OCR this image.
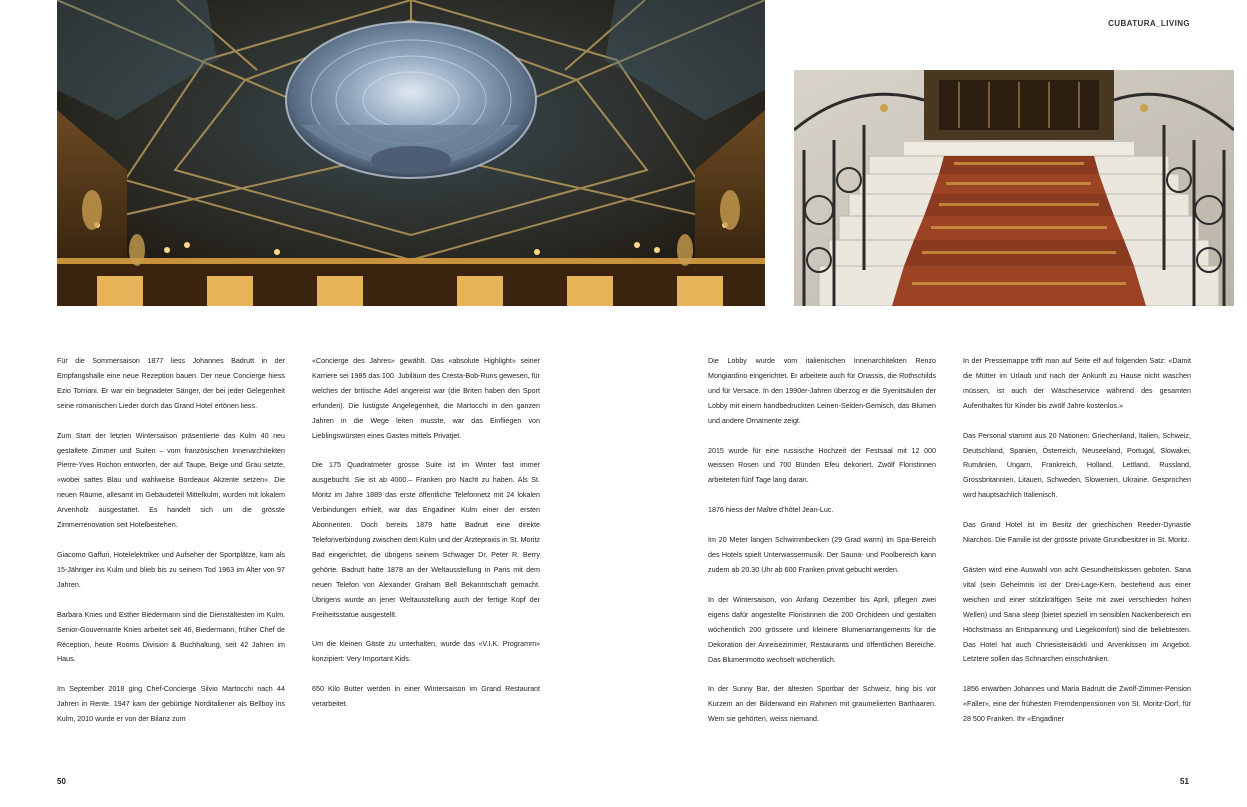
CUBATURA_LIVING

Für die Sommersaison 1877 liess Johannes Badrutt in der Empfangshalle eine neue Rezeption bauen. Der neue Concierge hiess Ezio Torriani. Er war ein begnadeter Sänger, der bei jeder Gelegenheit seine romanischen Lieder durch das Grand Hotel ertönen liess.

Zum Start der letzten Wintersaison präsentierte das Kulm 40 neu gestaltete Zimmer und Suiten – vom französischen Innenarchitekten Pierre-Yves Rochon entworfen, der auf Taupe, Beige und Grau setzte, «wobei sattes Blau und wahlweise Bordeaux Akzente setzen». Die neuen Räume, allesamt im Gebäudeteil Mittelkulm, wurden mit lokalem Arvenholz ausgestattet. Es handelt sich um die grösste Zimmerrenovation seit Hotelbestehen.

Giacomo Gaffuri, Hotelelektriker und Aufseher der Sportplätze, kam als 15-Jähriger ins Kulm und blieb bis zu seinem Tod 1963 im Alter von 97 Jahren.

Barbara Knies und Esther Biedermann sind die Dienstältesten im Kulm. Senior-Gouvernante Knies arbeitet seit 46, Biedermann, früher Chef de Réception, heute Rooms Division & Buchhaltung, seit 42 Jahren im Haus.

Im September 2018 ging Chef-Concierge Silvio Martocchi nach 44 Jahren in Rente. 1947 kam der gebürtige Norditaliener als Bellboy ins Kulm, 2010 wurde er von der Bilanz zum

«Concierge des Jahres» gewählt. Das «absolute Highlight» seiner Karriere sei 1985 das 100. Jubiläum des Cresta-Bob-Runs gewesen, für welches der britische Adel angereist war (die Briten haben den Sport erfunden). Die lustigste Angelegenheit, die Martocchi in den ganzen Jahren in die Wege leiten musste, war das Einfliegen von Lieblingswürsten eines Gastes mittels Privatjet.

Die 175 Quadratmeter grosse Suite ist im Winter fast immer ausgebucht. Sie ist ab 4000.– Franken pro Nacht zu haben. Als St. Moritz im Jahre 1889 das erste öffentliche Telefonnetz mit 24 lokalen Verbindungen erhielt, war das Engadiner Kulm einer der ersten Abonnenten. Doch bereits 1879 hatte Badrutt eine direkte Telefonverbindung zwischen dem Kulm und der Ärztepraxis in St. Moritz Bad eingerichtet, die übrigens seinem Schwager Dr. Peter R. Berry gehörte. Badrutt hatte 1878 an der Weltausstellung in Paris mit dem neuen Telefon von Alexander Graham Bell Bekanntschaft gemacht. Übrigens wurde an jener Weltausstellung auch der fertige Kopf der Freiheitsstatue ausgestellt.

Um die kleinen Gäste zu unterhalten, wurde das «V.I.K. Programm» konzipiert: Very Important Kids.

650 Kilo Butter werden in einer Wintersaison im Grand Restaurant verarbeitet.

Die Lobby wurde vom italienischen Innenarchitekten Renzo Mongiardino eingerichtet. Er arbeitete auch für Onassis, die Rothschilds und für Versace. In den 1990er-Jahren überzog er die Syenitsäulen der Lobby mit einem handbedruckten Leinen-Seiden-Gemisch, das Blumen und andere Ornamente zeigt.

2015 wurde für eine russische Hochzeit der Festsaal mit 12 000 weissen Rosen und 700 Bünden Efeu dekoriert. Zwölf Floristinnen arbeiteten fünf Tage lang daran.

1876 hiess der Maître d’hôtel Jean-Luc.

Im 20 Meter langen Schwimmbecken (29 Grad warm) im Spa-Bereich des Hotels spielt Unterwassermusik. Der Sauna- und Poolbereich kann zudem ab 20.30 Uhr ab 600 Franken privat gebucht werden.

In der Wintersaison, von Anfang Dezember bis April, pflegen zwei eigens dafür angestellte Floristinnen die 200 Orchideen und gestalten wöchentlich 200 grössere und kleinere Blumenarrangements für die Dekoration der Anreisezimmer, Restaurants und öffentlichen Bereiche. Das Blumenmotto wechselt wöchentlich.

In der Sunny Bar, der ältesten Sportbar der Schweiz, hing bis vor Kurzem an der Bilderwand ein Rahmen mit graumelierten Barthaaren. Wem sie gehörten, weiss niemand.

In der Pressemappe trifft man auf Seite elf auf folgenden Satz: «Damit die Mütter im Urlaub und nach der Ankunft zu Hause nicht waschen müssen, ist auch der Wäscheservice während des gesamten Aufenthaltes für Kinder bis zwölf Jahre kostenlos.»

Das Personal stammt aus 20 Nationen: Griechenland, Italien, Schweiz, Deutschland, Spanien, Österreich, Neuseeland, Portugal, Slowakei, Rumänien, Ungarn, Frankreich, Holland, Lettland, Russland, Grossbritannien, Litauen, Schweden, Slowenien, Ukraine. Gesprochen wird hauptsächlich Italienisch.

Das Grand Hotel ist im Besitz der griechischen Reeder-Dynastie Niarchos. Die Familie ist der grösste private Grundbesitzer in St. Moritz.

Gästen wird eine Auswahl von acht Gesundheitskissen geboten. Sana vital (sein Geheimnis ist der Drei-Lage-Kern, bestehend aus einer weichen und einer stützkräftigen Seite mit zwei verschieden hohen Wellen) und Sana sleep (bietet speziell im sensiblen Nackenbereich ein Höchstmass an Entspannung und Liegekomfort) sind die beliebtesten. Das Hotel hat auch Chriesisteisäckli und Arvenkissen im Angebot. Letztere sollen das Schnarchen einschränken.

1856 erwarben Johannes und Maria Badrutt die Zwölf-Zimmer-Pension «Faller», eine der frühesten Fremdenpensionen von St. Moritz-Dorf, für 28 500 Franken. Ihr «Engadiner

50	51
